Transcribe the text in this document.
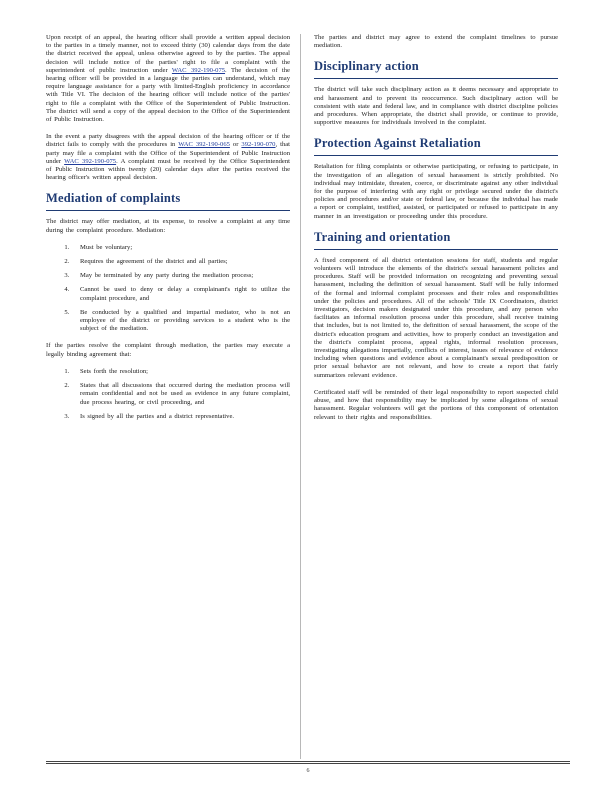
Upon receipt of an appeal, the hearing officer shall provide a written appeal decision to the parties in a timely manner, not to exceed thirty (30) calendar days from the date the district received the appeal, unless otherwise agreed to by the parties. The appeal decision will include notice of the parties' right to file a complaint with the superintendent of public instruction under WAC 392-190-075. The decision of the hearing officer will be provided in a language the parties can understand, which may require language assistance for a party with limited-English proficiency in accordance with Title VI. The decision of the hearing officer will include notice of the parties' right to file a complaint with the Office of the Superintendent of Public Instruction. The district will send a copy of the appeal decision to the Office of the Superintendent of Public Instruction.

In the event a party disagrees with the appeal decision of the hearing officer or if the district fails to comply with the procedures in WAC 392-190-065 or 392-190-070, that party may file a complaint with the Office of the Superintendent of Public Instruction under WAC 392-190-075. A complaint must be received by the Office Superintendent of Public Instruction within twenty (20) calendar days after the parties received the hearing officer's written appeal decision.

Mediation of complaints

The district may offer mediation, at its expense, to resolve a complaint at any time during the complaint procedure. Mediation:

1. Must be voluntary;
2. Requires the agreement of the district and all parties;
3. May be terminated by any party during the mediation process;
4. Cannot be used to deny or delay a complainant's right to utilize the complaint procedure, and
5. Be conducted by a qualified and impartial mediator, who is not an employee of the district or providing services to a student who is the subject of the mediation.

If the parties resolve the complaint through mediation, the parties may execute a legally binding agreement that:

1. Sets forth the resolution;
2. States that all discussions that occurred during the mediation process will remain confidential and not be used as evidence in any future complaint, due process hearing, or civil proceeding, and
3. Is signed by all the parties and a district representative.

The parties and district may agree to extend the complaint timelines to pursue mediation.

Disciplinary action

The district will take such disciplinary action as it deems necessary and appropriate to end harassment and to prevent its reoccurrence. Such disciplinary action will be consistent with state and federal law, and in compliance with district discipline policies and procedures. When appropriate, the district shall provide, or continue to provide, supportive measures for individuals involved in the complaint.

Protection Against Retaliation

Retaliation for filing complaints or otherwise participating, or refusing to participate, in the investigation of an allegation of sexual harassment is strictly prohibited. No individual may intimidate, threaten, coerce, or discriminate against any other individual for the purpose of interfering with any right or privilege secured under the district's policies and procedures and/or state or federal law, or because the individual has made a report or complaint, testified, assisted, or participated or refused to participate in any manner in an investigation or proceeding under this procedure.

Training and orientation

A fixed component of all district orientation sessions for staff, students and regular volunteers will introduce the elements of the district's sexual harassment policies and procedures. Staff will be provided information on recognizing and preventing sexual harassment, including the definition of sexual harassment. Staff will be fully informed of the formal and informal complaint processes and their roles and responsibilities under the policies and procedures. All of the schools' Title IX Coordinators, district investigators, decision makers designated under this procedure, and any person who facilitates an informal resolution process under this procedure, shall receive training that includes, but is not limited to, the definition of sexual harassment, the scope of the district's education program and activities, how to properly conduct an investigation and the district's complaint process, appeal rights, informal resolution processes, investigating allegations impartially, conflicts of interest, issues of relevance of evidence including when questions and evidence about a complainant's sexual predisposition or prior sexual behavior are not relevant, and how to create a report that fairly summarizes relevant evidence.

Certificated staff will be reminded of their legal responsibility to report suspected child abuse, and how that responsibility may be implicated by some allegations of sexual harassment. Regular volunteers will get the portions of this component of orientation relevant to their rights and responsibilities.

6
